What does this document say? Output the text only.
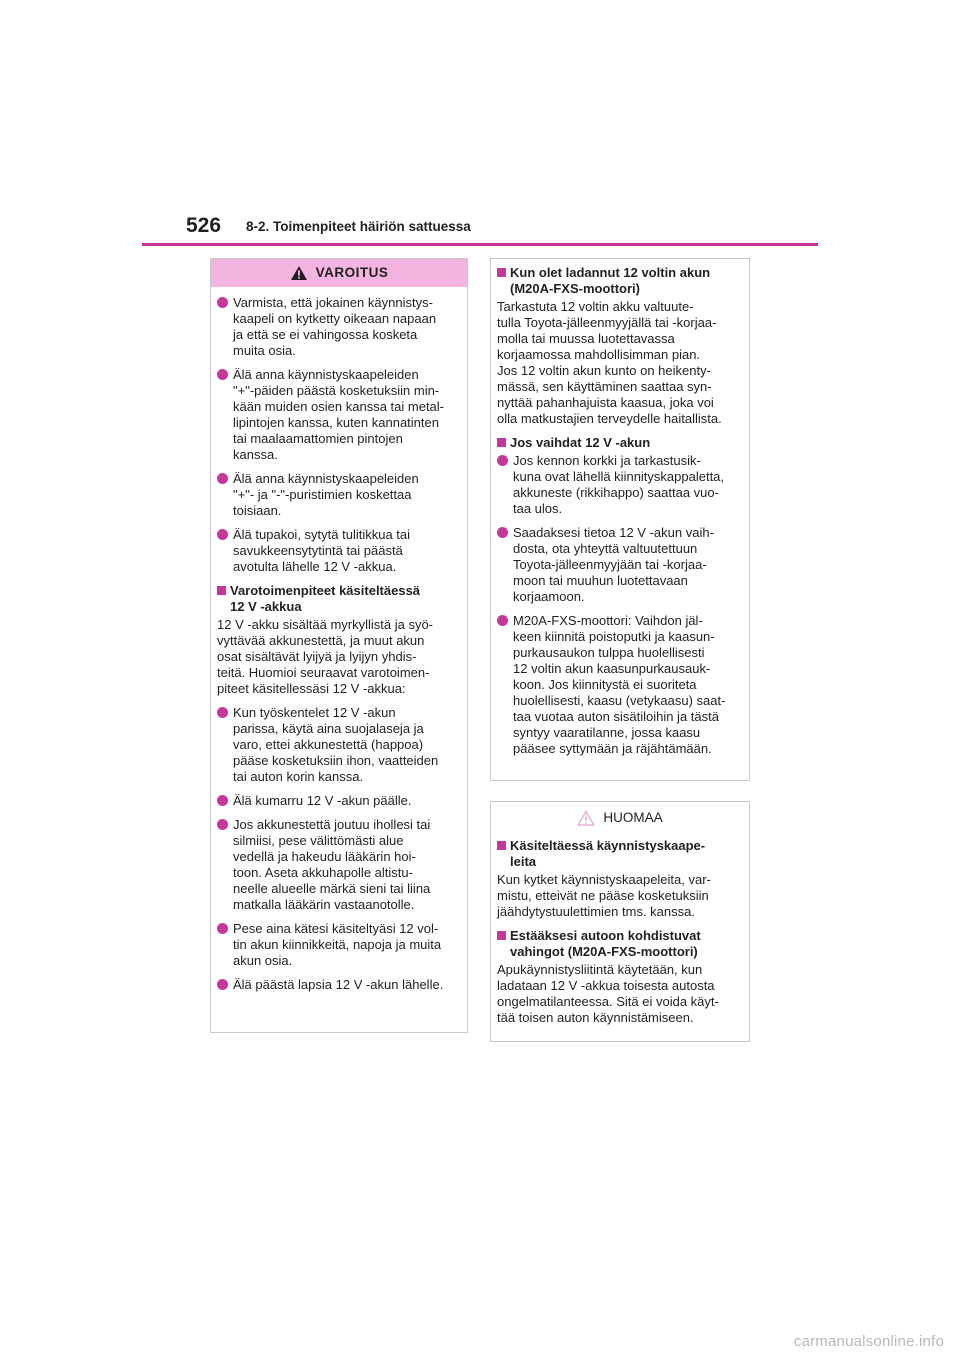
526 8-2. Toimenpiteet häiriön sattuessa
VAROITUS
Varmista, että jokainen käynnistys-
kaapeli on kytketty oikeaan napaan
ja että se ei vahingossa kosketa
muita osia.
Älä anna käynnistyskaapeleiden
"+"-päiden päästä kosketuksiin min-
kään muiden osien kanssa tai metal-
lipintojen kanssa, kuten kannatinten
tai maalaamattomien pintojen
kanssa.
Älä anna käynnistyskaapeleiden
"+"- ja "-"-puristimien koskettaa
toisiaan.
Älä tupakoi, sytytä tulitikkua tai
savukkeensytytintä tai päästä
avotulta lähelle 12 V -akkua.
Varotoimenpiteet käsiteltäessä
12 V -akkua
12 V -akku sisältää myrkyllistä ja syö-
vyttävää akkunestettä, ja muut akun
osat sisältävät lyijyä ja lyijyn yhdis-
teitä. Huomioi seuraavat varotoimen-
piteet käsitellessäsi 12 V -akkua:
Kun työskentelet 12 V -akun
parissa, käytä aina suojalaseja ja
varo, ettei akkunestettä (happoa)
pääse kosketuksiin ihon, vaatteiden
tai auton korin kanssa.
Älä kumarru 12 V -akun päälle.
Jos akkunestettä joutuu ihollesi tai
silmiisi, pese välittömästi alue
vedellä ja hakeudu lääkärin hoi-
toon. Aseta akkuhapolle altistu-
neelle alueelle märkä sieni tai liina
matkalla lääkärin vastaanotolle.
Pese aina kätesi käsiteltyäsi 12 vol-
tin akun kiinnikkeitä, napoja ja muita
akun osia.
Älä päästä lapsia 12 V -akun lähelle.
Kun olet ladannut 12 voltin akun
(M20A-FXS-moottori)
Tarkastuta 12 voltin akku valtuute-
tulla Toyota-jälleenmyyjällä tai -korjaa-
molla tai muussa luotettavassa
korjaamossa mahdollisimman pian.
Jos 12 voltin akun kunto on heikenty-
mässä, sen käyttäminen saattaa syn-
nyttää pahanhajuista kaasua, joka voi
olla matkustajien terveydelle haitallista.
Jos vaihdat 12 V -akun
Jos kennon korkki ja tarkastusik-
kuna ovat lähellä kiinnityskappaletta,
akkuneste (rikkihappo) saattaa vuo-
taa ulos.
Saadaksesi tietoa 12 V -akun vaih-
dosta, ota yhteyttä valtuutettuun
Toyota-jälleenmyyjään tai -korjaa-
moon tai muuhun luotettavaan
korjaamoon.
M20A-FXS-moottori: Vaihdon jäl-
keen kiinnitä poistoputki ja kaasun-
purkausaukon tulppa huolellisesti
12 voltin akun kaasunpurkausauk-
koon. Jos kiinnitystä ei suoriteta
huolellisesti, kaasu (vetykaasu) saat-
taa vuotaa auton sisätiloihin ja tästä
syntyy vaaratilanne, jossa kaasu
pääsee syttymään ja räjähtämään.
HUOMAA
Käsiteltäessä käynnistyskaape-
leita
Kun kytket käynnistyskaapeleita, var-
mistu, etteivät ne pääse kosketuksiin
jäähdytystuulettimien tms. kanssa.
Estääksesi autoon kohdistuvat
vahingot (M20A-FXS-moottori)
Apukäynnistysliitintä käytetään, kun
ladataan 12 V -akkua toisesta autosta
ongelmatilanteessa. Sitä ei voida käyt-
tää toisen auton käynnistämiseen.
carmanualsonline.info
